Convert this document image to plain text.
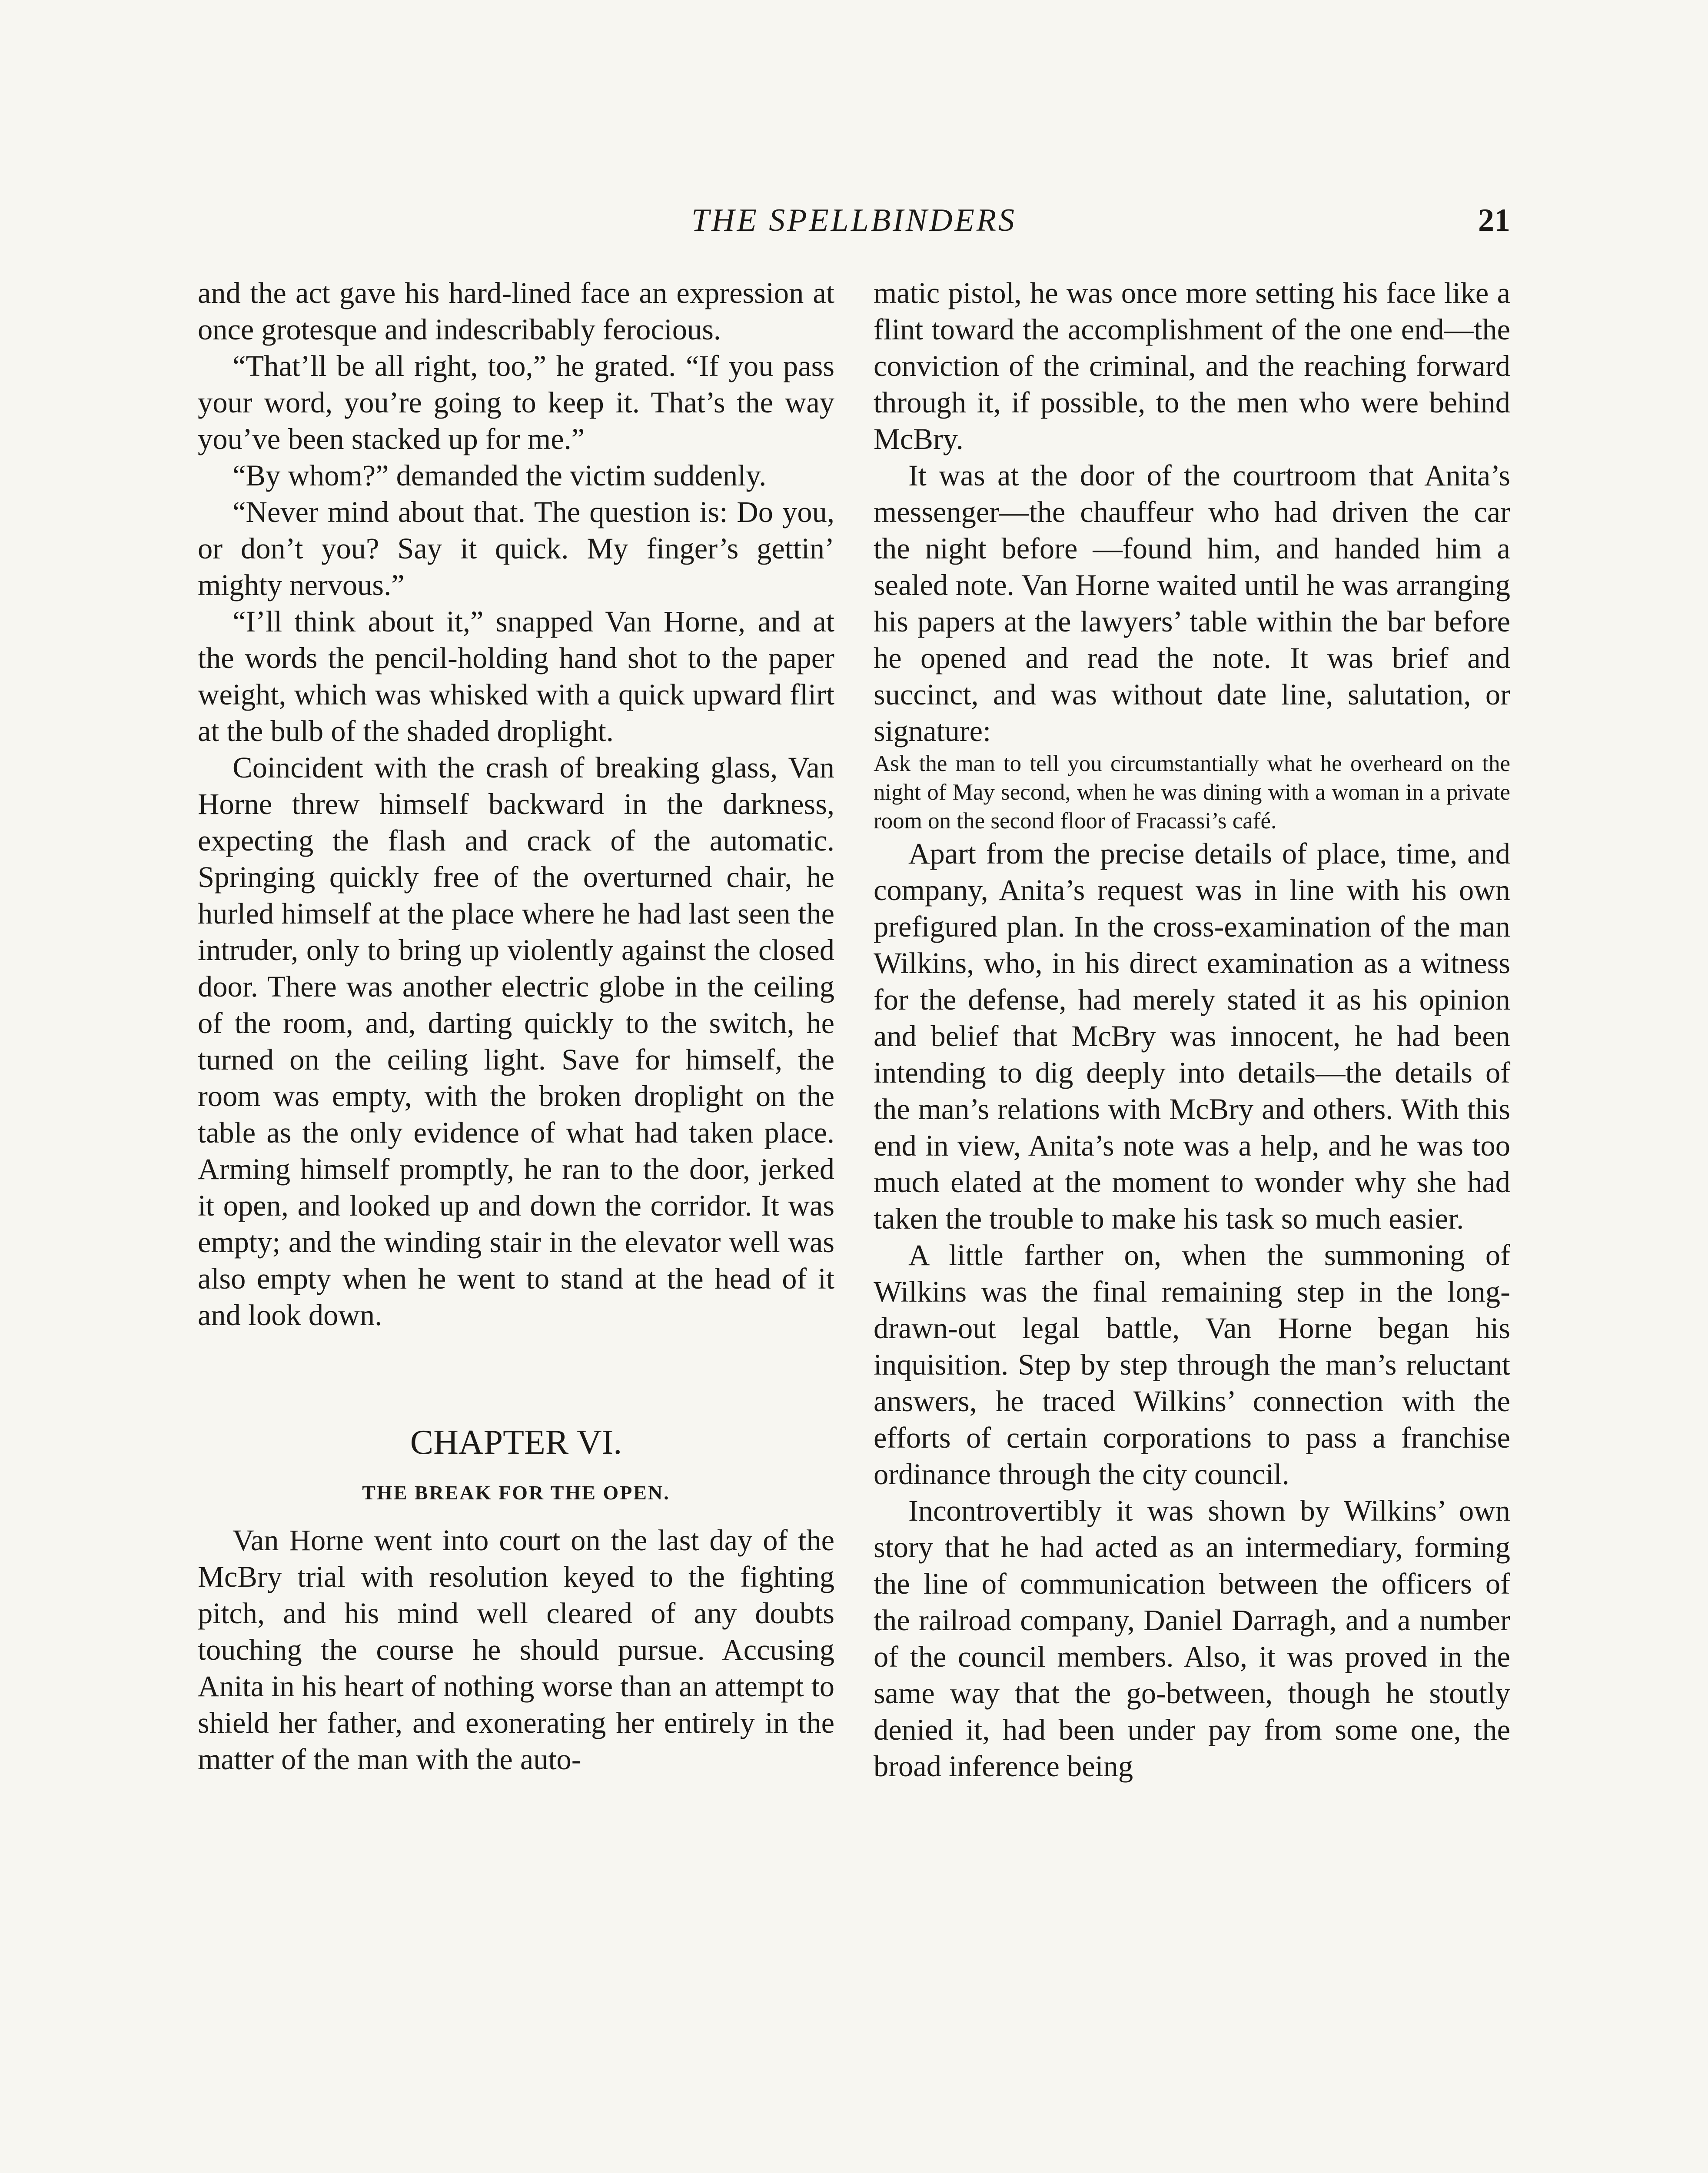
THE SPELLBINDERS	21

and the act gave his hard-lined face an expression at once grotesque and indescribably ferocious.

“That’ll be all right, too,” he grated. “If you pass your word, you’re going to keep it. That’s the way you’ve been stacked up for me.”

“By whom?” demanded the victim suddenly.

“Never mind about that. The question is: Do you, or don’t you? Say it quick. My finger’s gettin’ mighty nervous.”

“I’ll think about it,” snapped Van Horne, and at the words the pencil-holding hand shot to the paper weight, which was whisked with a quick upward flirt at the bulb of the shaded droplight.

Coincident with the crash of breaking glass, Van Horne threw himself backward in the darkness, expecting the flash and crack of the automatic. Springing quickly free of the overturned chair, he hurled himself at the place where he had last seen the intruder, only to bring up violently against the closed door. There was another electric globe in the ceiling of the room, and, darting quickly to the switch, he turned on the ceiling light. Save for himself, the room was empty, with the broken droplight on the table as the only evidence of what had taken place. Arming himself promptly, he ran to the door, jerked it open, and looked up and down the corridor. It was empty; and the winding stair in the elevator well was also empty when he went to stand at the head of it and look down.

CHAPTER VI.
THE BREAK FOR THE OPEN.

Van Horne went into court on the last day of the McBry trial with resolution keyed to the fighting pitch, and his mind well cleared of any doubts touching the course he should pursue. Accusing Anita in his heart of nothing worse than an attempt to shield her father, and exonerating her entirely in the matter of the man with the auto-

matic pistol, he was once more setting his face like a flint toward the accomplishment of the one end—the conviction of the criminal, and the reaching forward through it, if possible, to the men who were behind McBry.

It was at the door of the courtroom that Anita’s messenger—the chauffeur who had driven the car the night before —found him, and handed him a sealed note. Van Horne waited until he was arranging his papers at the lawyers’ table within the bar before he opened and read the note. It was brief and succinct, and was without date line, salutation, or signature:

Ask the man to tell you circumstantially what he overheard on the night of May second, when he was dining with a woman in a private room on the second floor of Fracassi’s café.

Apart from the precise details of place, time, and company, Anita’s request was in line with his own prefigured plan. In the cross-examination of the man Wilkins, who, in his direct examination as a witness for the defense, had merely stated it as his opinion and belief that McBry was innocent, he had been intending to dig deeply into details—the details of the man’s relations with McBry and others. With this end in view, Anita’s note was a help, and he was too much elated at the moment to wonder why she had taken the trouble to make his task so much easier.

A little farther on, when the summoning of Wilkins was the final remaining step in the long-drawn-out legal battle, Van Horne began his inquisition. Step by step through the man’s reluctant answers, he traced Wilkins’ connection with the efforts of certain corporations to pass a franchise ordinance through the city council.

Incontrovertibly it was shown by Wilkins’ own story that he had acted as an intermediary, forming the line of communication between the officers of the railroad company, Daniel Darragh, and a number of the council members. Also, it was proved in the same way that the go-between, though he stoutly denied it, had been under pay from some one, the broad inference being
